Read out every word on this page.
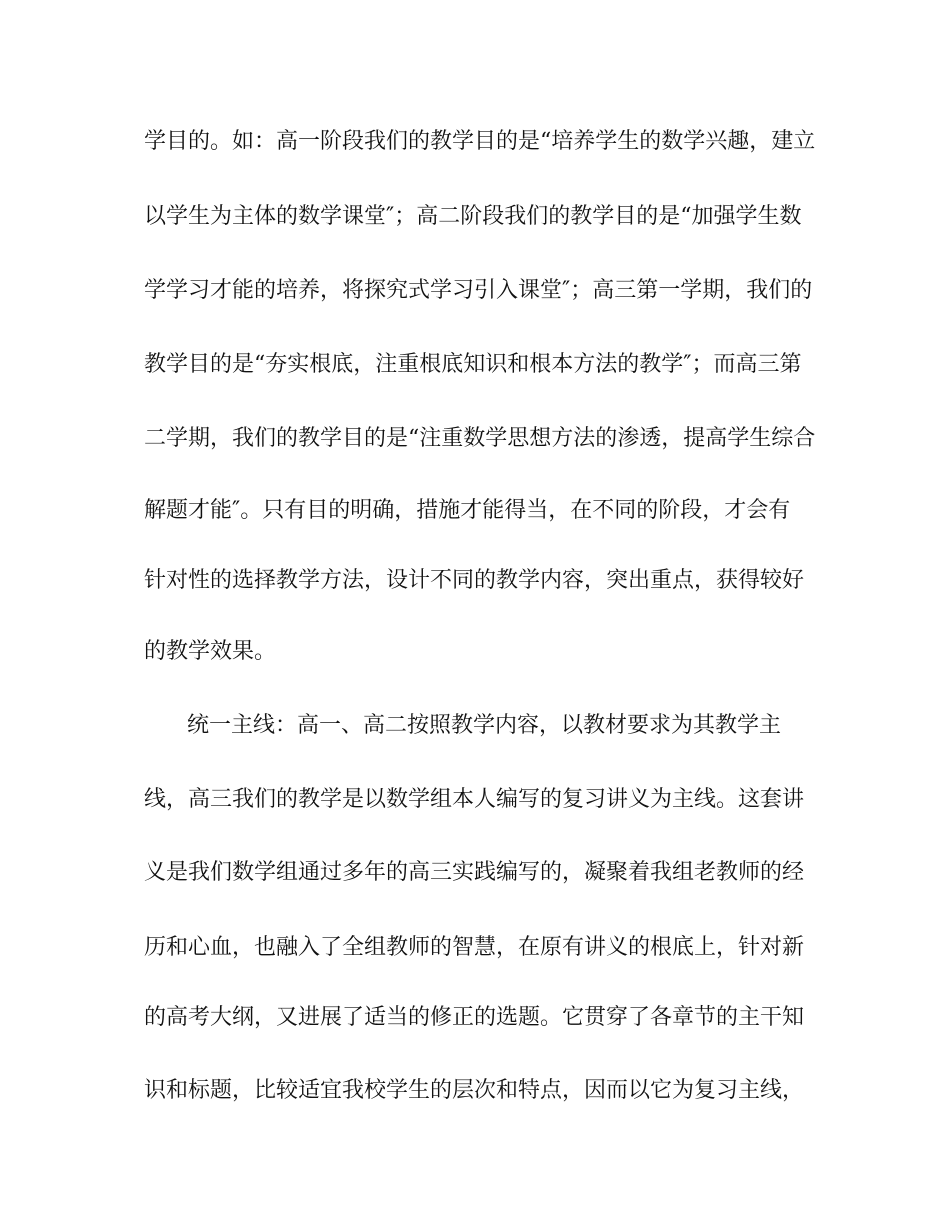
学目的。如：高一阶段我们的教学目的是“培养学生的数学兴趣，建立
以学生为主体的数学课堂″；高二阶段我们的教学目的是“加强学生数
学学习才能的培养，将探究式学习引入课堂″；高三第一学期，我们的
教学目的是“夯实根底，注重根底知识和根本方法的教学″；而高三第
二学期，我们的教学目的是“注重数学思想方法的渗透，提高学生综合
解题才能″。只有目的明确，措施才能得当，在不同的阶段，才会有
针对性的选择教学方法，设计不同的教学内容，突出重点，获得较好
的教学效果。
统一主线：高一、高二按照教学内容，以教材要求为其教学主
线，高三我们的教学是以数学组本人编写的复习讲义为主线。这套讲
义是我们数学组通过多年的高三实践编写的，凝聚着我组老教师的经
历和心血，也融入了全组教师的智慧，在原有讲义的根底上，针对新
的高考大纲，又进展了适当的修正的选题。它贯穿了各章节的主干知
识和标题，比较适宜我校学生的层次和特点，因而以它为复习主线，
